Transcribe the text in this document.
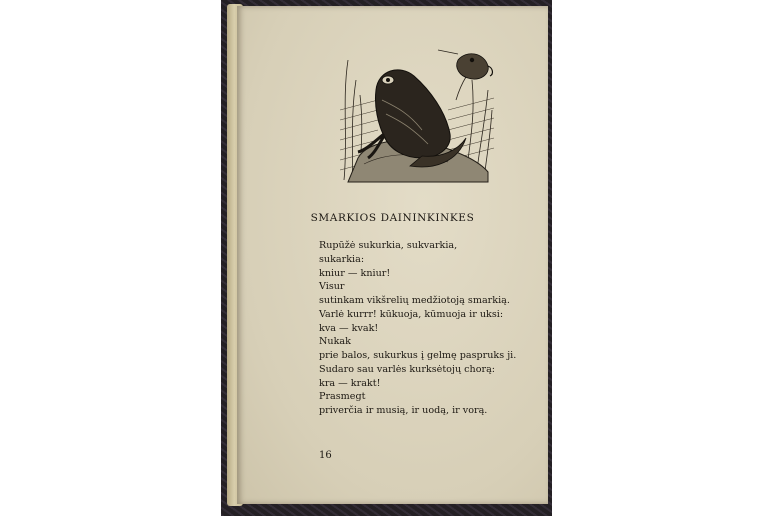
SMARKIOS DAININKINKES
Rupūžė sukurkia, sukvarkia,
sukarkia:
kniur — kniur!
Visur
sutinkam vikšrelių medžiotoją smarkią.
Varlė kurrr! kūkuoja, kūmuoja ir uksi:
kva — kvak!
Nukak
prie balos, sukurkus į gelmę paspruks ji.
Sudaro sau varlės kurksėtojų chorą:
kra — krakt!
Prasmegt
priverčia ir musią, ir uodą, ir vorą.
16
